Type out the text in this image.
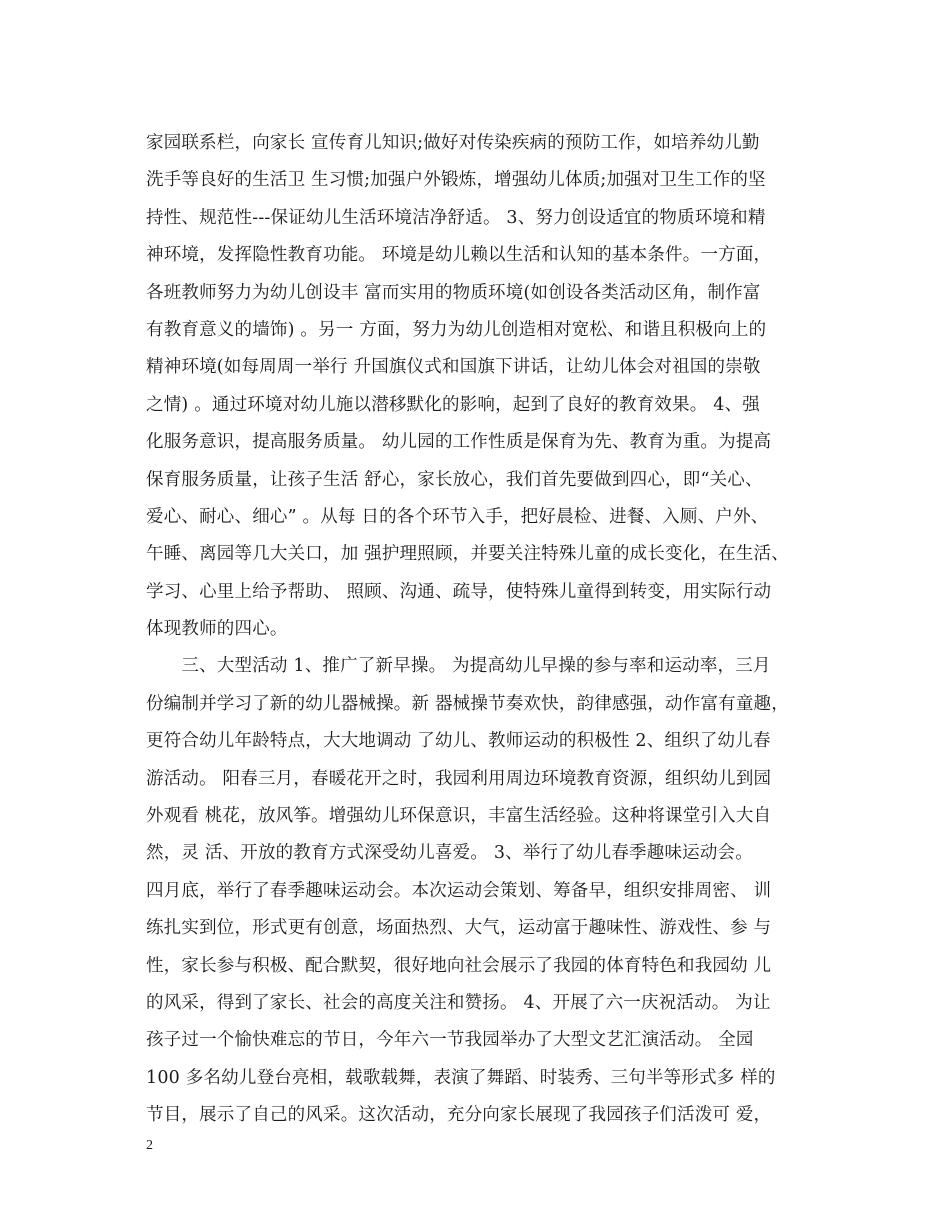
家园联系栏，向家长 宣传育儿知识;做好对传染疾病的预防工作，如培养幼儿勤
洗手等良好的生活卫 生习惯;加强户外锻炼，增强幼儿体质;加强对卫生工作的坚
持性、规范性---保证幼儿生活环境洁净舒适。 3、努力创设适宜的物质环境和精
神环境，发挥隐性教育功能。 环境是幼儿赖以生活和认知的基本条件。一方面，
各班教师努力为幼儿创设丰 富而实用的物质环境(如创设各类活动区角，制作富
有教育意义的墙饰) 。另一 方面，努力为幼儿创造相对宽松、和谐且积极向上的
精神环境(如每周周一举行 升国旗仪式和国旗下讲话，让幼儿体会对祖国的崇敬
之情) 。通过环境对幼儿施以潜移默化的影响，起到了良好的教育效果。 4、强
化服务意识，提高服务质量。 幼儿园的工作性质是保育为先、教育为重。为提高
保育服务质量，让孩子生活 舒心，家长放心，我们首先要做到四心，即“关心、
爱心、耐心、细心” 。从每 日的各个环节入手，把好晨检、进餐、入厕、户外、
午睡、离园等几大关口，加 强护理照顾，并要关注特殊儿童的成长变化，在生活、
学习、心里上给予帮助、 照顾、沟通、疏导，使特殊儿童得到转变，用实际行动
体现教师的四心。
　　三、大型活动 1、推广了新早操。 为提高幼儿早操的参与率和运动率，三月
份编制并学习了新的幼儿器械操。新 器械操节奏欢快，韵律感强，动作富有童趣，
更符合幼儿年龄特点，大大地调动 了幼儿、教师运动的积极性 2、组织了幼儿春
游活动。 阳春三月，春暖花开之时，我园利用周边环境教育资源，组织幼儿到园
外观看 桃花，放风筝。增强幼儿环保意识，丰富生活经验。这种将课堂引入大自
然，灵 活、开放的教育方式深受幼儿喜爱。 3、举行了幼儿春季趣味运动会。
四月底，举行了春季趣味运动会。本次运动会策划、筹备早，组织安排周密、 训
练扎实到位，形式更有创意，场面热烈、大气，运动富于趣味性、游戏性、参 与
性，家长参与积极、配合默契，很好地向社会展示了我园的体育特色和我园幼 儿
的风采，得到了家长、社会的高度关注和赞扬。 4、开展了六一庆祝活动。 为让
孩子过一个愉快难忘的节日，今年六一节我园举办了大型文艺汇演活动。 全园
100 多名幼儿登台亮相，载歌载舞，表演了舞蹈、时装秀、三句半等形式多 样的
节目，展示了自己的风采。这次活动，充分向家长展现了我园孩子们活泼可 爱，
2
